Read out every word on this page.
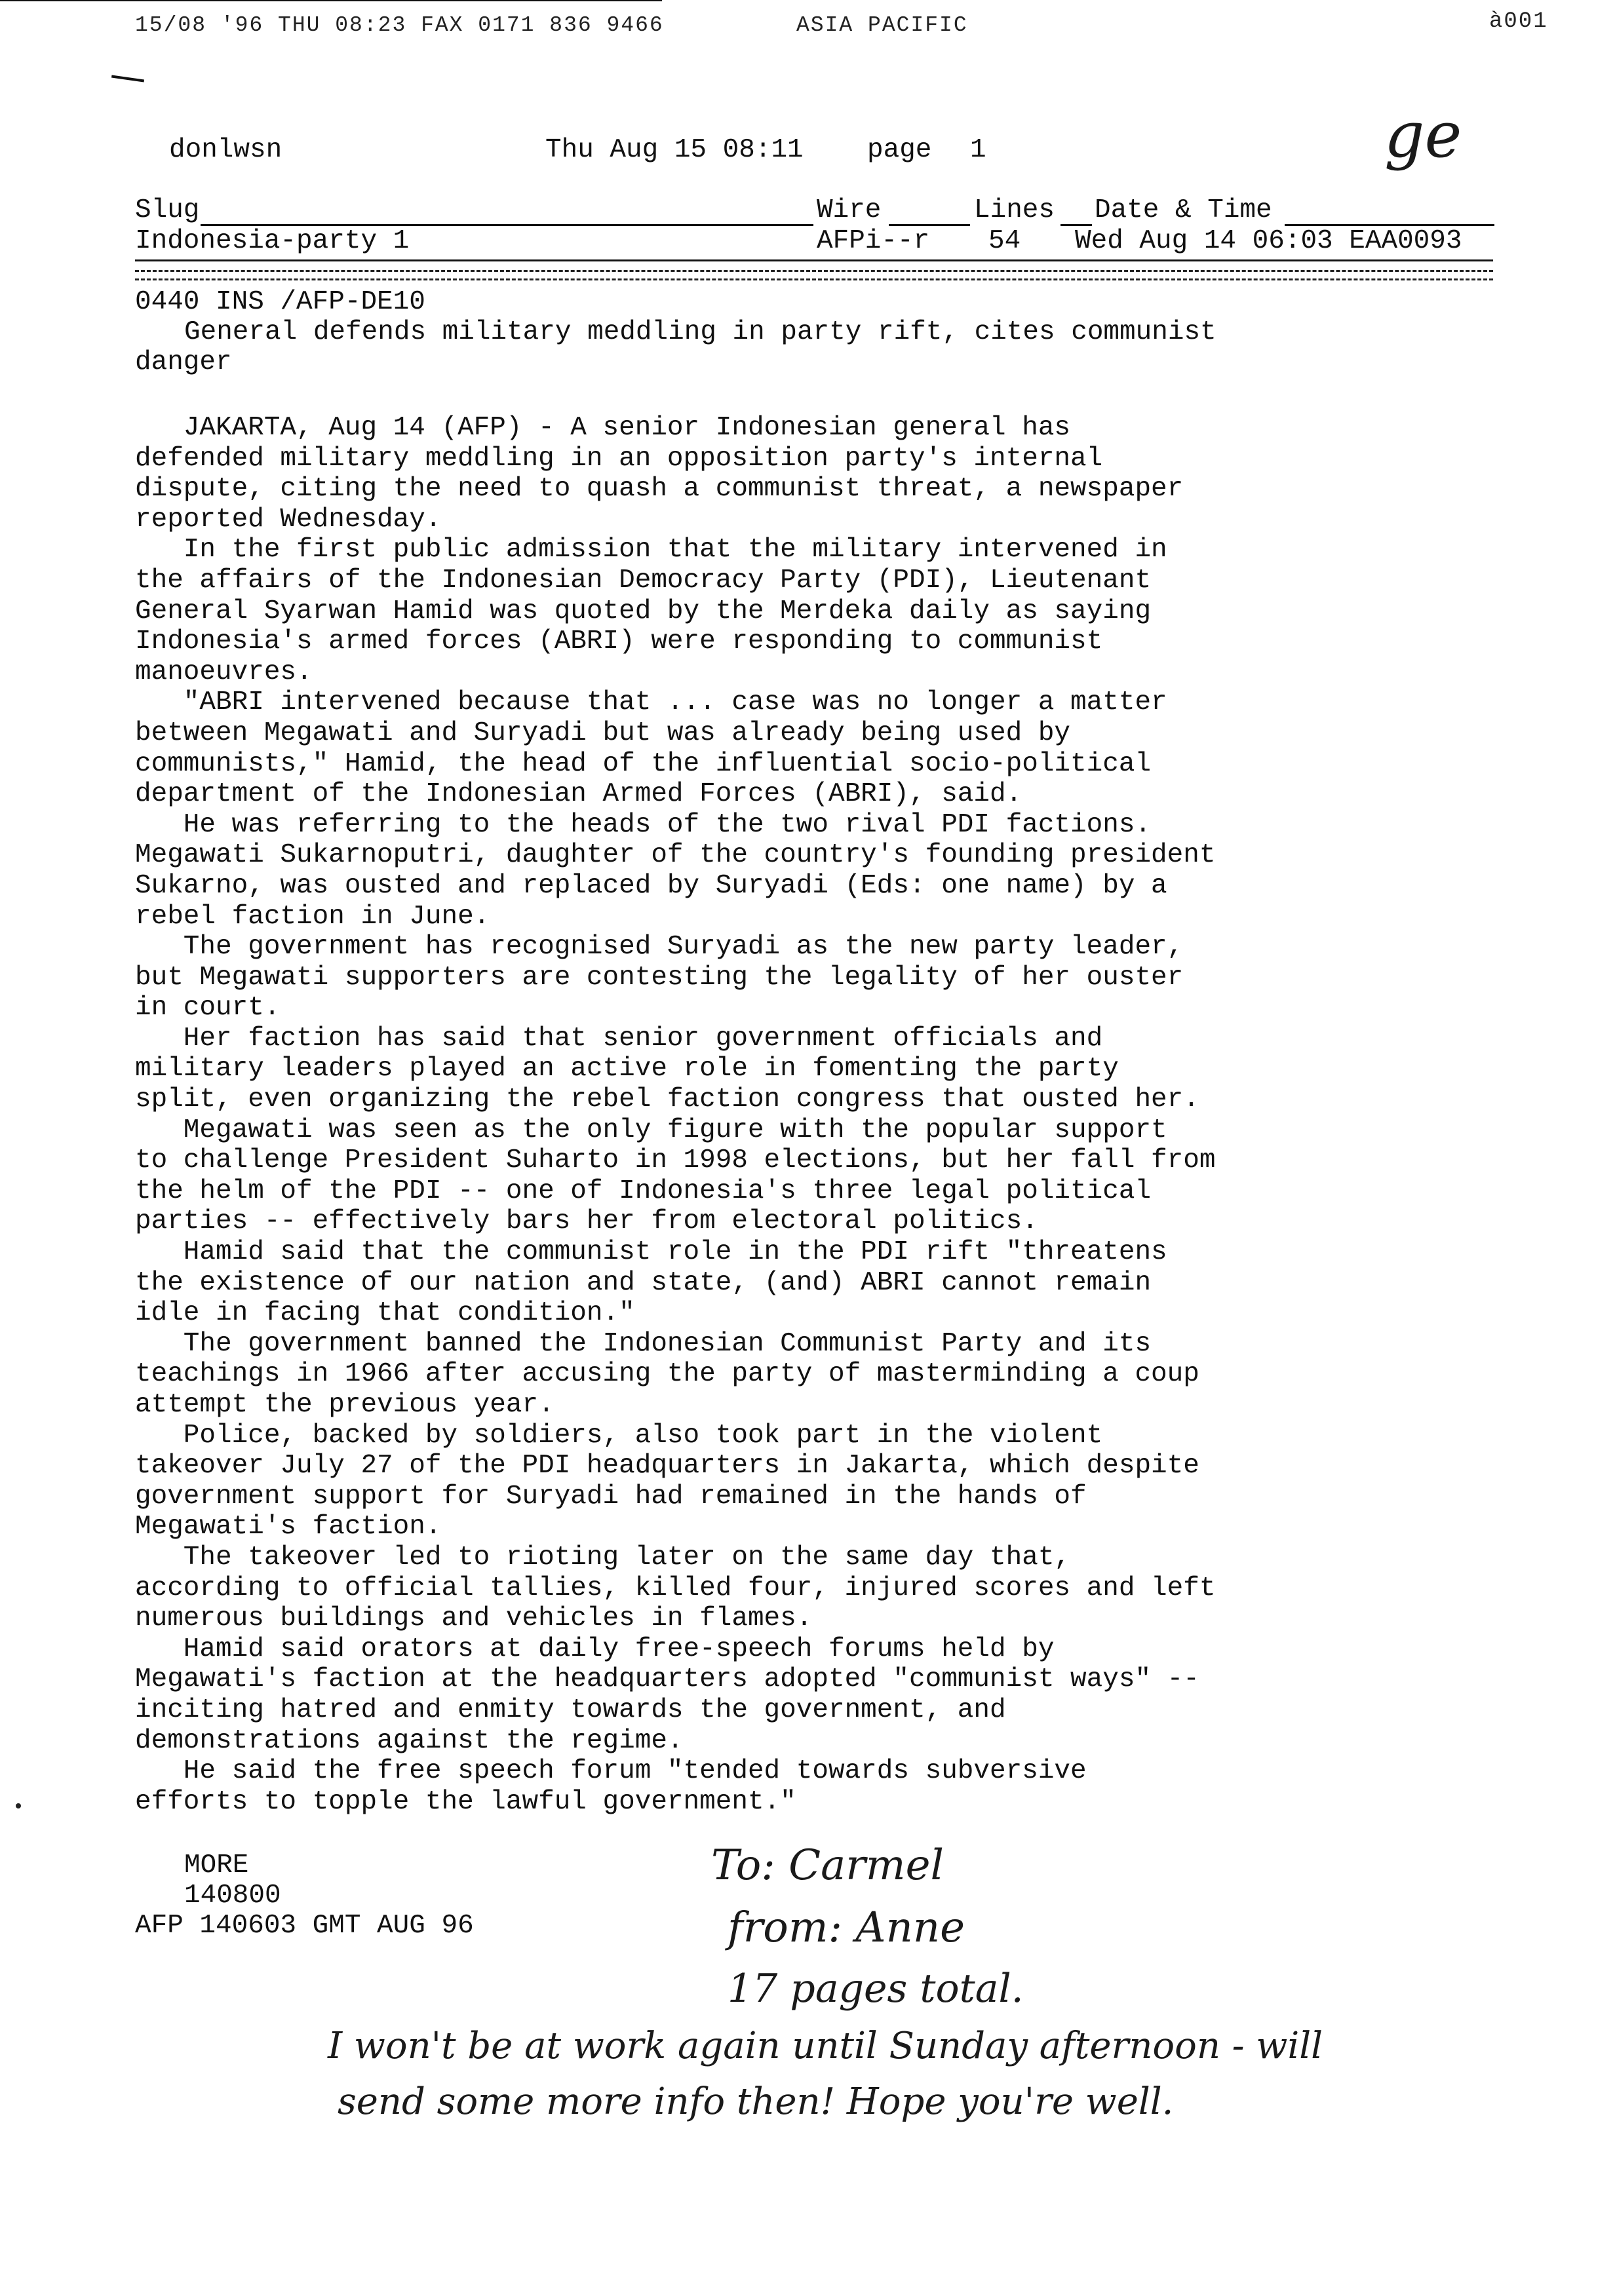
15/08 '96 THU 08:23 FAX 0171 836 9466	ASIA PACIFIC	à001
donlwsn	Thu Aug 15 08:11 page 1	ge
Slug	Wire	Lines Date & Time
Indonesia-party 1	AFPi--r 54 Wed Aug 14 06:03 EAA0093
0440 INS /AFP-DE10
General defends military meddling in party rift, cites communist
danger

JAKARTA, Aug 14 (AFP) - A senior Indonesian general has

defended military meddling in an opposition party's internal

dispute, citing the need to quash a communist threat, a newspaper

reported Wednesday.

In the first public admission that the military intervened in

the affairs of the Indonesian Democracy Party (PDI), Lieutenant

General Syarwan Hamid was quoted by the Merdeka daily as saying

Indonesia's armed forces (ABRI) were responding to communist

manoeuvres.

"ABRI intervened because that ... case was no longer a matter

between Megawati and Suryadi but was already being used by

communists," Hamid, the head of the influential socio-political

department of the Indonesian Armed Forces (ABRI), said.

He was referring to the heads of the two rival PDI factions.

Megawati Sukarnoputri, daughter of the country's founding president

Sukarno, was ousted and replaced by Suryadi (Eds: one name) by a

rebel faction in June.

The government has recognised Suryadi as the new party leader,

but Megawati supporters are contesting the legality of her ouster

in court.

Her faction has said that senior government officials and

military leaders played an active role in fomenting the party

split, even organizing the rebel faction congress that ousted her.

Megawati was seen as the only figure with the popular support

to challenge President Suharto in 1998 elections, but her fall from

the helm of the PDI -- one of Indonesia's three legal political

parties -- effectively bars her from electoral politics.

Hamid said that the communist role in the PDI rift "threatens

the existence of our nation and state, (and) ABRI cannot remain

idle in facing that condition."

The government banned the Indonesian Communist Party and its

teachings in 1966 after accusing the party of masterminding a coup

attempt the previous year.

Police, backed by soldiers, also took part in the violent

takeover July 27 of the PDI headquarters in Jakarta, which despite

government support for Suryadi had remained in the hands of

Megawati's faction.

The takeover led to rioting later on the same day that,

according to official tallies, killed four, injured scores and left

numerous buildings and vehicles in flames.

Hamid said orators at daily free-speech forums held by

Megawati's faction at the headquarters adopted "communist ways" --

inciting hatred and enmity towards the government, and

demonstrations against the regime.

He said the free speech forum "tended towards subversive

efforts to topple the lawful government."

MORE
140800
AFP 140603 GMT AUG 96
To: Carmel
from: Anne
17 pages total.
I won't be at work again until Sunday afternoon - will
send some more info then! Hope you're well.
